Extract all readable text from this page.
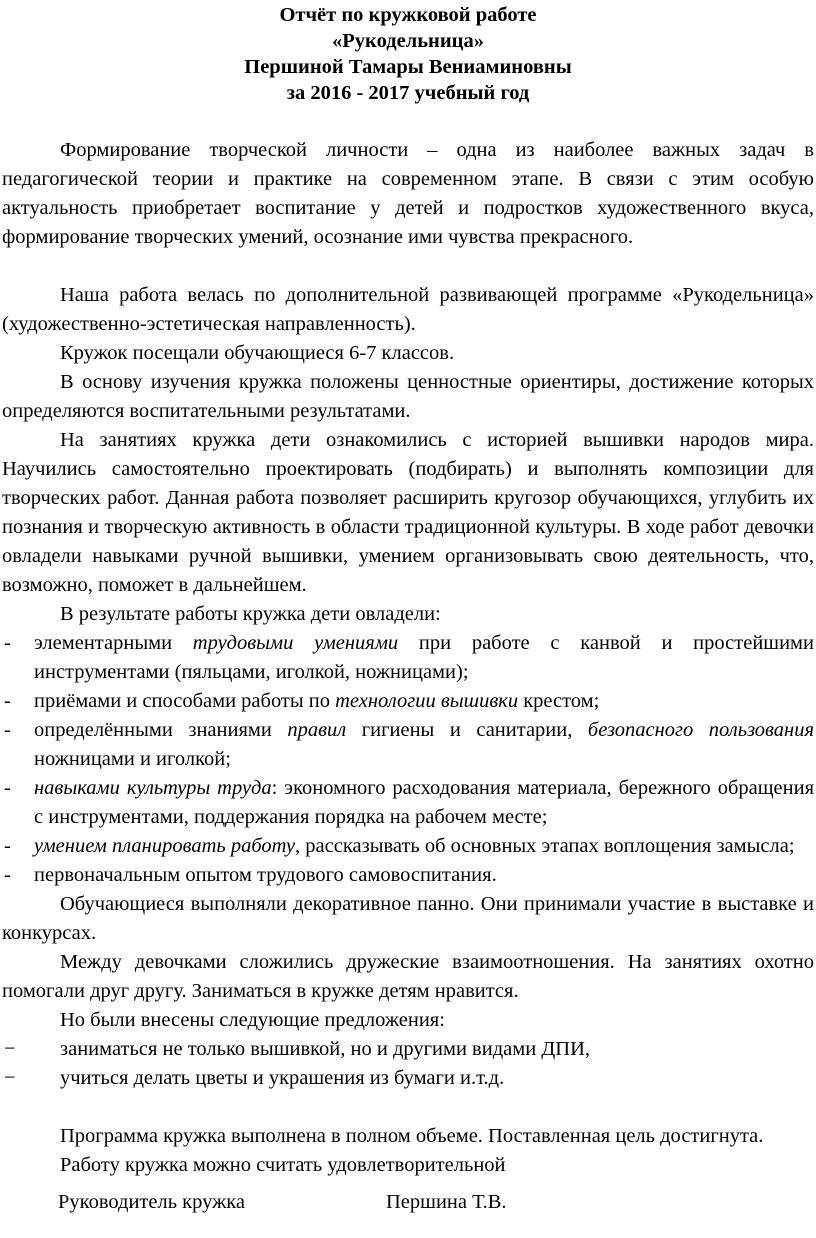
Отчёт по кружковой работе
«Рукодельница»
Першиной Тамары Вениаминовны
за 2016 - 2017 учебный год

Формирование творческой личности – одна из наиболее важных задач в педагогической теории и практике на современном этапе. В связи с этим особую актуальность приобретает воспитание у детей и подростков художественного вкуса, формирование творческих умений, осознание ими чувства прекрасного.

Наша работа велась по дополнительной развивающей программе «Рукодельница» (художественно-эстетическая направленность).

Кружок посещали обучающиеся 6-7 классов.

В основу изучения кружка положены ценностные ориентиры, достижение которых определяются воспитательными результатами.

На занятиях кружка дети ознакомились с историей вышивки народов мира. Научились самостоятельно проектировать (подбирать) и выполнять композиции для творческих работ. Данная работа позволяет расширить кругозор обучающихся, углубить их познания и творческую активность в области традиционной культуры. В ходе работ девочки овладели навыками ручной вышивки, умением организовывать свою деятельность, что, возможно, поможет в дальнейшем.

В результате работы кружка дети овладели:

- элементарными трудовыми умениями при работе с канвой и простейшими инструментами (пяльцами, иголкой, ножницами);
- приёмами и способами работы по технологии вышивки крестом;
- определёнными знаниями правил гигиены и санитарии, безопасного пользования ножницами и иголкой;
- навыками культуры труда: экономного расходования материала, бережного обращения с инструментами, поддержания порядка на рабочем месте;
- умением планировать работу, рассказывать об основных этапах воплощения замысла;
- первоначальным опытом трудового самовоспитания.

Обучающиеся выполняли декоративное панно. Они принимали участие в выставке и конкурсах.

Между девочками сложились дружеские взаимоотношения. На занятиях охотно помогали друг другу. Заниматься в кружке детям нравится.

Но были внесены следующие предложения:

− заниматься не только вышивкой, но и другими видами ДПИ,
− учиться делать цветы и украшения из бумаги и.т.д.

Программа кружка выполнена в полном объеме. Поставленная цель достигнута.

Работу кружка можно считать удовлетворительной

Руководитель кружка	Першина Т.В.
